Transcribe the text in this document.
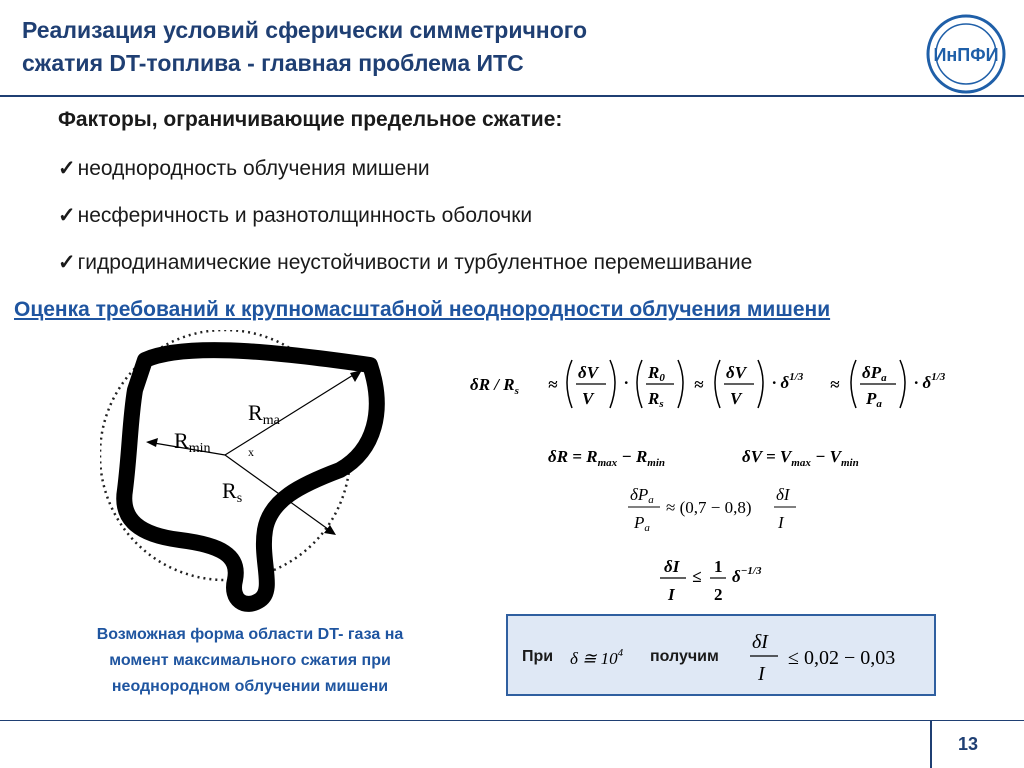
Реализация условий сферически симметричного
сжатия DT-топлива - главная проблема ИТС	ИнПФИ
Факторы, ограничивающие предельное сжатие:
✓неоднородность облучения мишени
✓несферичность и разнотолщинность оболочки
✓гидродинамические неустойчивости и турбулентное перемешивание
Оценка требований к крупномасштабной неоднородности облучения мишени
Rmin
Rma
x
Rs
Возможная форма области DT- газа на
момент максимального сжатия при
неоднородном облучении мишени
δR / $R_s$ ≈
δV
V
·
R0
Rs
≈
δV
V
· $\delta^{1/3}$ ≈
δPa
Pa
· $\delta^{1/3}$
$\delta R = R_{max} - R_{min}$	$\delta V = V_{max} - V_{min}$
δPa
Pa
≈ (0,7 − 0,8)
δI
I
δI
I
≤
1
2
$\delta^{-1/3}$
При δ ≅ $10^4$ получим
δI
I
≤ 0,02 − 0,03
13
